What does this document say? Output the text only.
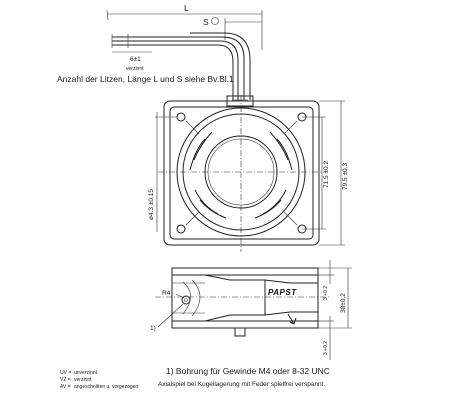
L
S
6±1
verzinnt
Anzahl der Litzen, Länge L und S siehe Bv.Bl.1
71.5 ±0.2 79.5 ±0.3
ø4.3 ±0.15
PAPST
R4
1)
38±0.2
3 +0.2
3 +0.2
1) Bohrung für Gewinde M4 oder 8-32 UNC
Axialspiel bei Kugellagerung mit Feder spielfrei verspannt.
UV = unverzinnt
VZ = verzinnt
AV = angeschnitten u. vorgezogen
